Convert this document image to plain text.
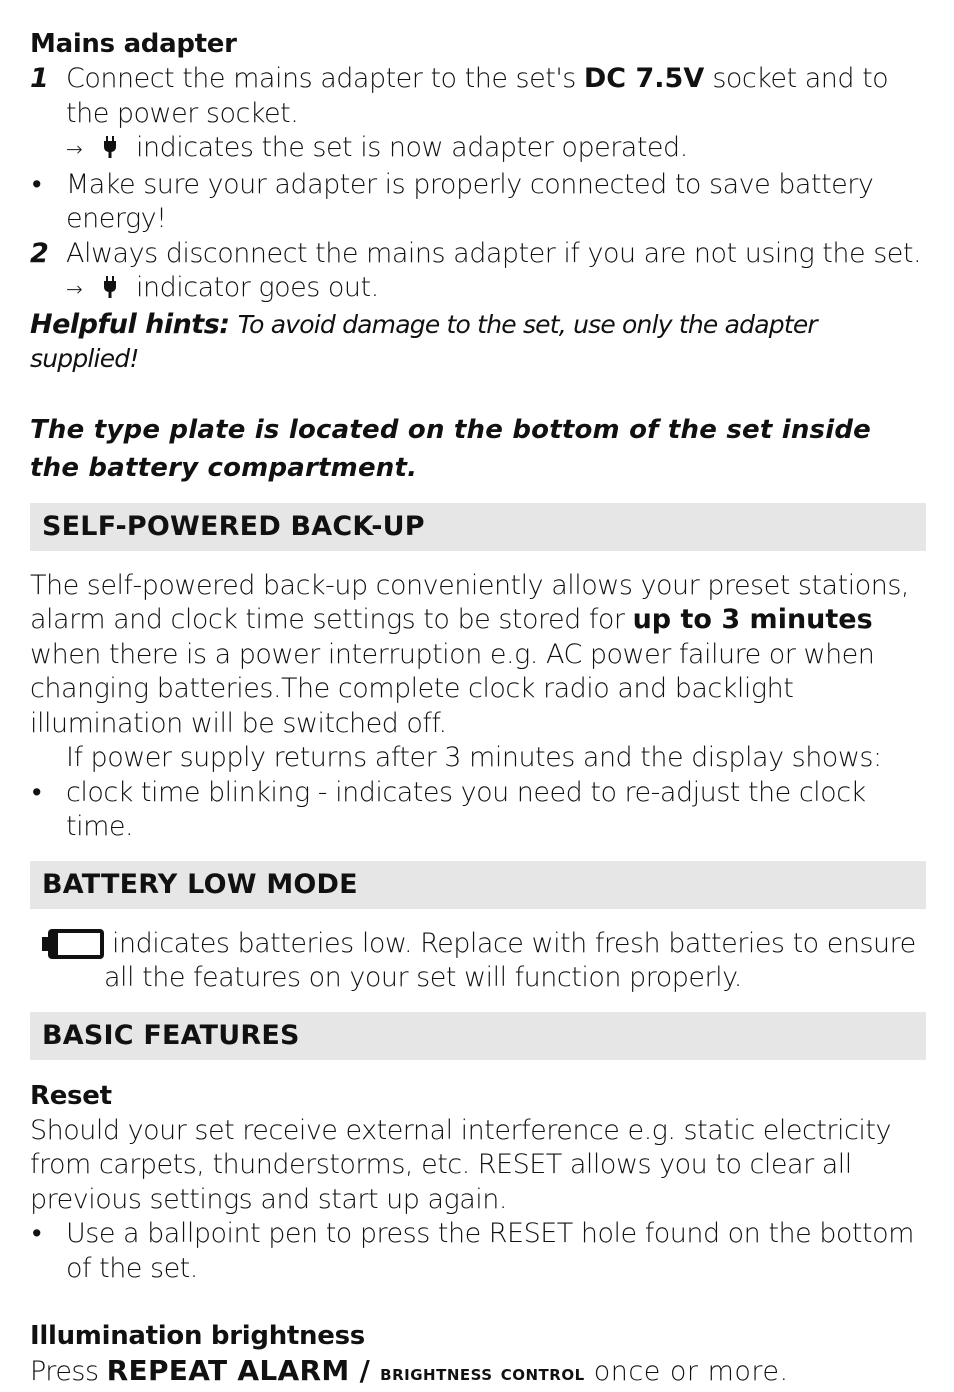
Mains adapter
1 Connect the mains adapter to the set's DC 7.5V socket and to the power socket.
→ indicates the set is now adapter operated.
• Make sure your adapter is properly connected to save battery energy!
2 Always disconnect the mains adapter if you are not using the set.
→ indicator goes out.
Helpful hints: To avoid damage to the set, use only the adapter supplied!
The type plate is located on the bottom of the set inside the battery compartment.
SELF-POWERED BACK-UP
The self-powered back-up conveniently allows your preset stations, alarm and clock time settings to be stored for up to 3 minutes when there is a power interruption e.g. AC power failure or when changing batteries.The complete clock radio and backlight illumination will be switched off.
If power supply returns after 3 minutes and the display shows:
• clock time blinking - indicates you need to re-adjust the clock time.
BATTERY LOW MODE
indicates batteries low. Replace with fresh batteries to ensure all the features on your set will function properly.
BASIC FEATURES
Reset
Should your set receive external interference e.g. static electricity from carpets, thunderstorms, etc. RESET allows you to clear all previous settings and start up again.
• Use a ballpoint pen to press the RESET hole found on the bottom of the set.
Illumination brightness
Press REPEAT ALARM / brightness control once or more.
